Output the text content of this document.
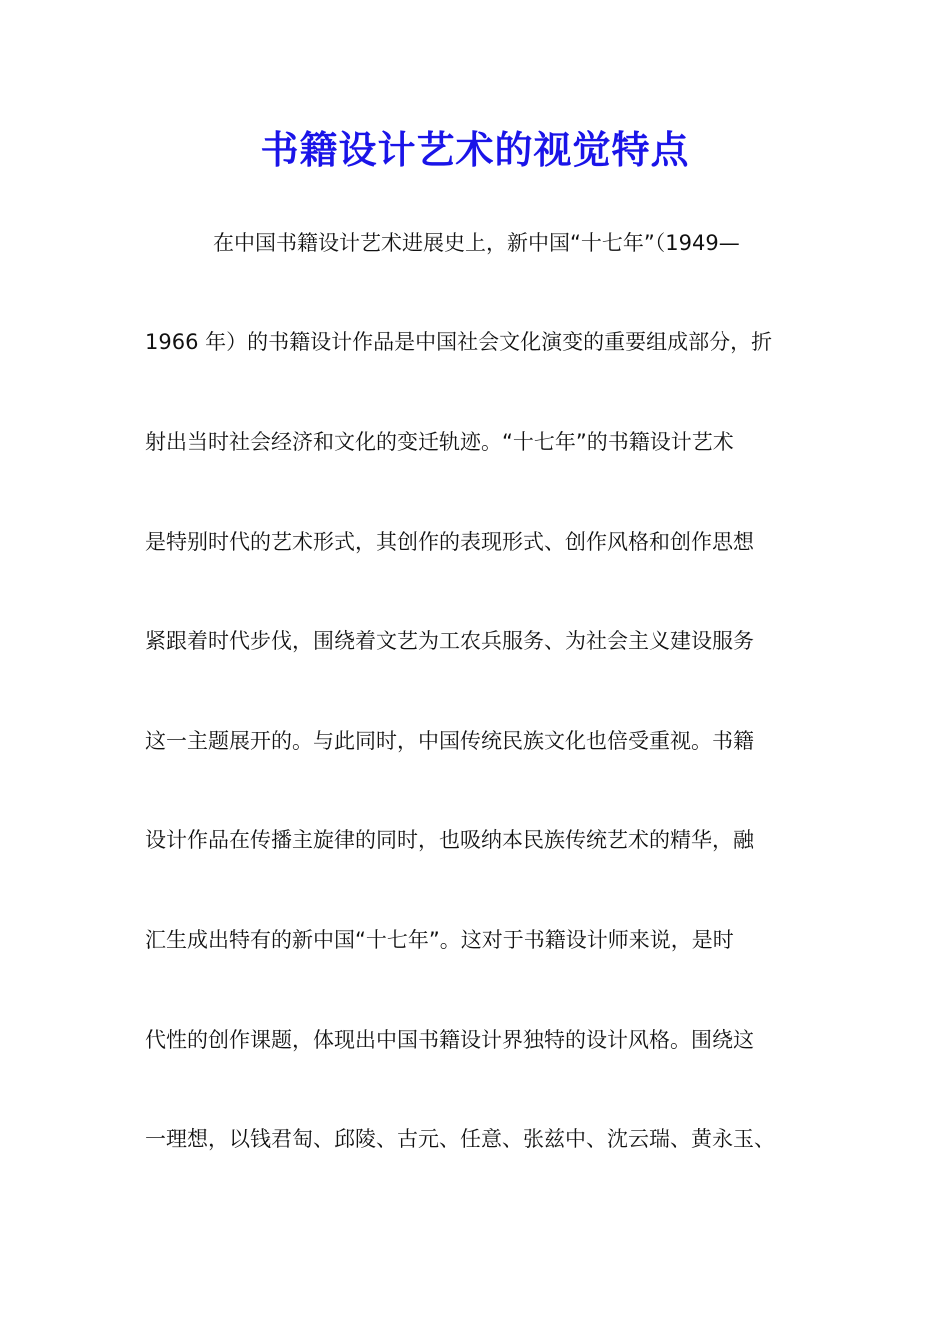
书籍设计艺术的视觉特点

在中国书籍设计艺术进展史上，新中国“十七年”（1949—

1966 年）的书籍设计作品是中国社会文化演变的重要组成部分，折

射出当时社会经济和文化的变迁轨迹。“十七年”的书籍设计艺术

是特别时代的艺术形式，其创作的表现形式、创作风格和创作思想

紧跟着时代步伐，围绕着文艺为工农兵服务、为社会主义建设服务

这一主题展开的。与此同时，中国传统民族文化也倍受重视。书籍

设计作品在传播主旋律的同时，也吸纳本民族传统艺术的精华，融

汇生成出特有的新中国“十七年”。这对于书籍设计师来说，是时

代性的创作课题，体现出中国书籍设计界独特的设计风格。围绕这

一理想，以钱君匋、邱陵、古元、任意、张兹中、沈云瑞、黄永玉、
